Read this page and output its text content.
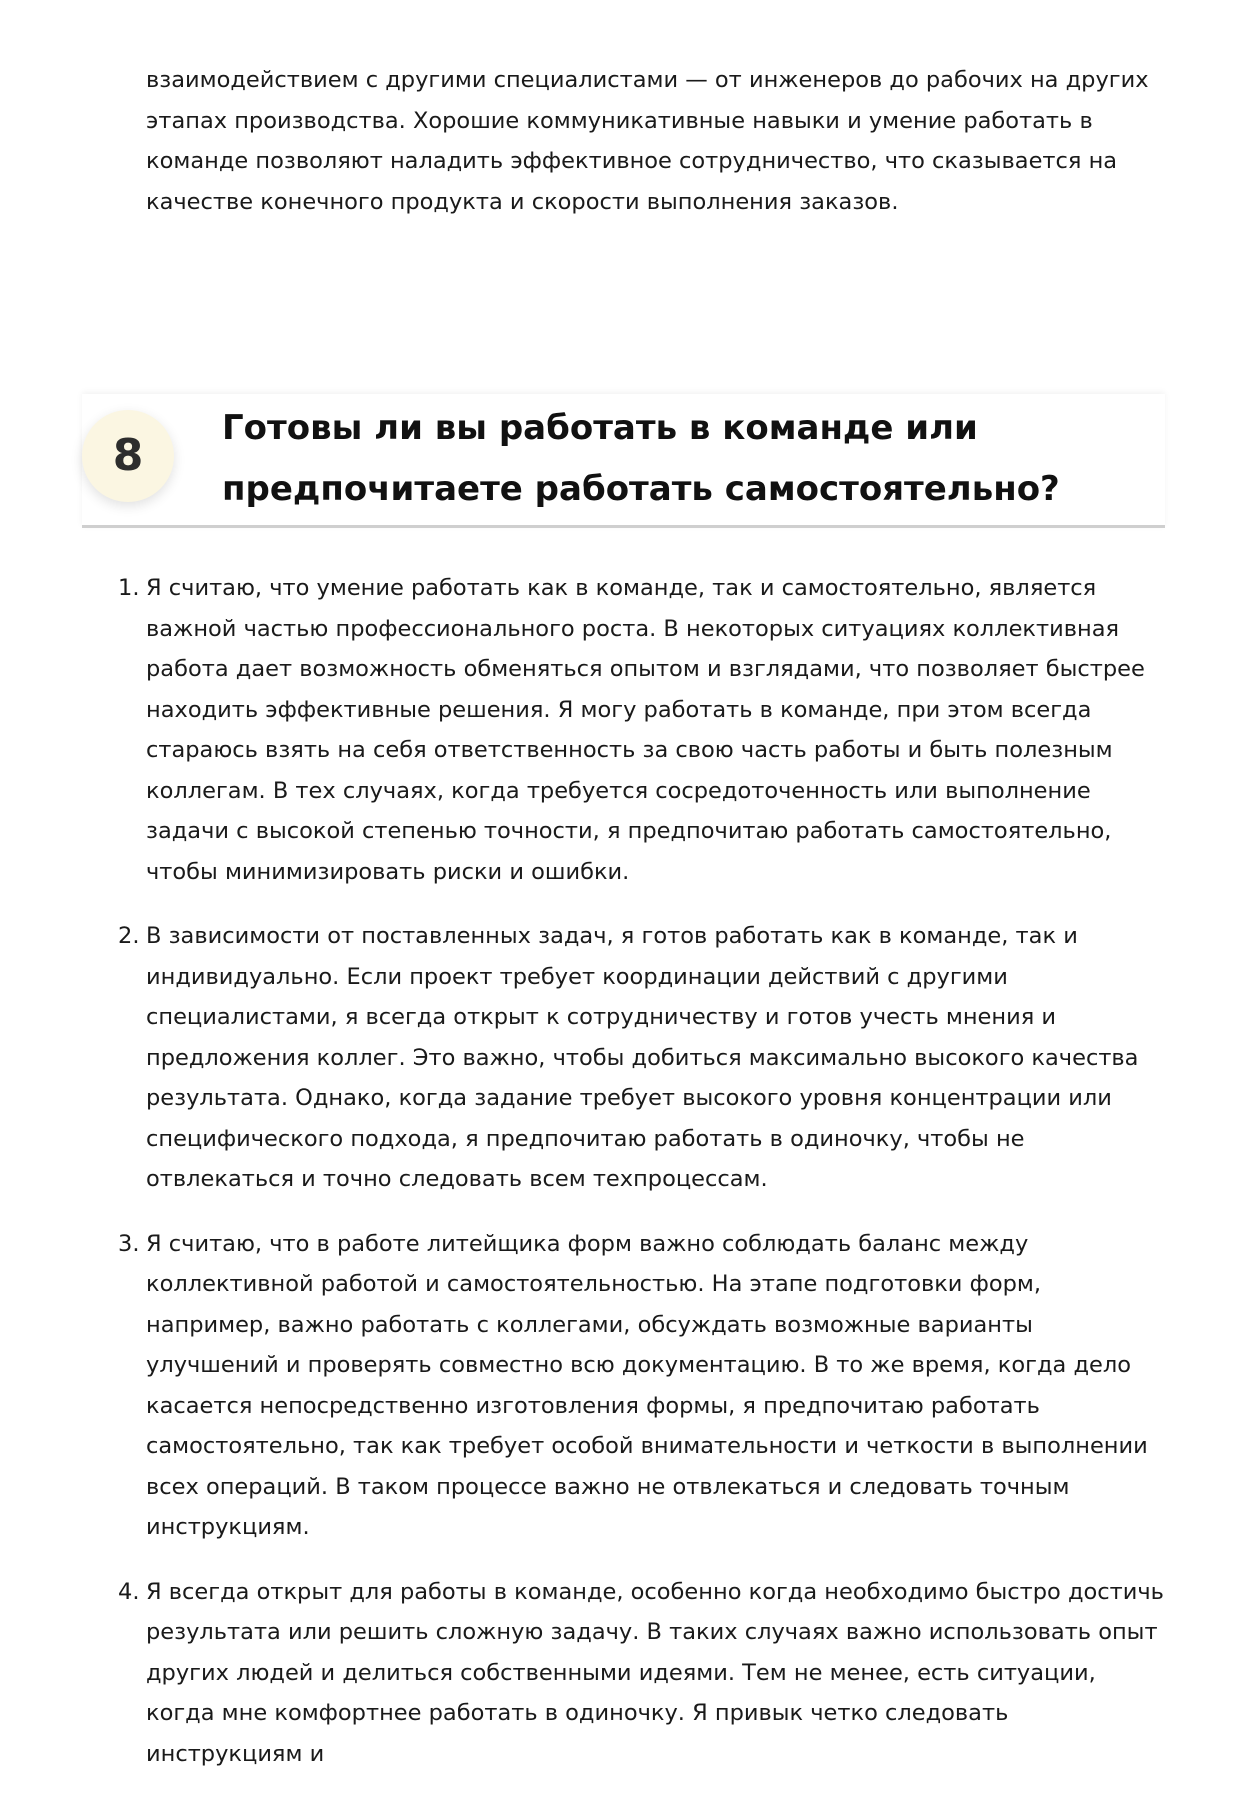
взаимодействием с другими специалистами — от инженеров до рабочих на других этапах производства. Хорошие коммуникативные навыки и умение работать в команде позволяют наладить эффективное сотрудничество, что сказывается на качестве конечного продукта и скорости выполнения заказов.

8
Готовы ли вы работать в команде или
предпочитаете работать самостоятельно?
1. Я считаю, что умение работать как в команде, так и самостоятельно, является важной частью профессионального роста. В некоторых ситуациях коллективная работа дает возможность обменяться опытом и взглядами, что позволяет быстрее находить эффективные решения. Я могу работать в команде, при этом всегда стараюсь взять на себя ответственность за свою часть работы и быть полезным коллегам. В тех случаях, когда требуется сосредоточенность или выполнение задачи с высокой степенью точности, я предпочитаю работать самостоятельно, чтобы минимизировать риски и ошибки.
2. В зависимости от поставленных задач, я готов работать как в команде, так и индивидуально. Если проект требует координации действий с другими специалистами, я всегда открыт к сотрудничеству и готов учесть мнения и предложения коллег. Это важно, чтобы добиться максимально высокого качества результата. Однако, когда задание требует высокого уровня концентрации или специфического подхода, я предпочитаю работать в одиночку, чтобы не отвлекаться и точно следовать всем техпроцессам.
3. Я считаю, что в работе литейщика форм важно соблюдать баланс между коллективной работой и самостоятельностью. На этапе подготовки форм, например, важно работать с коллегами, обсуждать возможные варианты улучшений и проверять совместно всю документацию. В то же время, когда дело касается непосредственно изготовления формы, я предпочитаю работать самостоятельно, так как требует особой внимательности и четкости в выполнении всех операций. В таком процессе важно не отвлекаться и следовать точным инструкциям.
4. Я всегда открыт для работы в команде, особенно когда необходимо быстро достичь результата или решить сложную задачу. В таких случаях важно использовать опыт других людей и делиться собственными идеями. Тем не менее, есть ситуации, когда мне комфортнее работать в одиночку. Я привык четко следовать инструкциям и
